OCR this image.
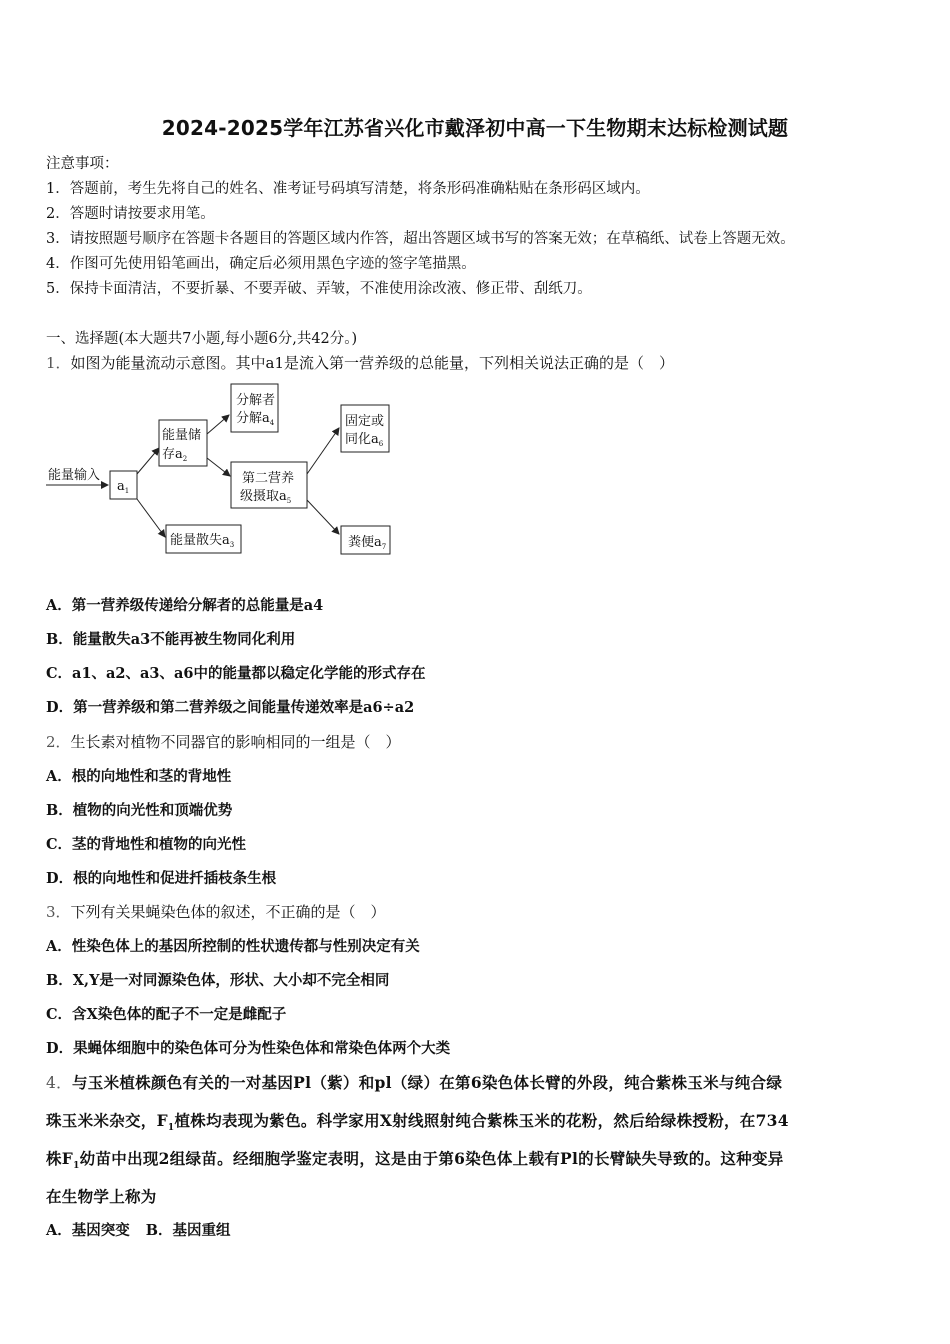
2024-2025学年江苏省兴化市戴泽初中高一下生物期末达标检测试题
注意事项：
1．答题前，考生先将自己的姓名、准考证号码填写清楚，将条形码准确粘贴在条形码区域内。
2．答题时请按要求用笔。
3．请按照题号顺序在答题卡各题目的答题区域内作答，超出答题区域书写的答案无效；在草稿纸、试卷上答题无效。
4．作图可先使用铅笔画出，确定后必须用黑色字迹的签字笔描黑。
5．保持卡面清洁，不要折暴、不要弄破、弄皱，不准使用涂改液、修正带、刮纸刀。
一、选择题(本大题共7小题,每小题6分,共42分。)
1．如图为能量流动示意图。其中a1是流入第一营养级的总能量，下列相关说法正确的是（　）
能量输入
$a_1$
能量储
存$a_2$
分解者
分解$a_4$
第二营养
级摄取$a_5$
固定或
同化$a_6$
能量散失$a_3$	粪便$a_7$
A．第一营养级传递给分解者的总能量是a4
B．能量散失a3不能再被生物同化利用
C．a1、a2、a3、a6中的能量都以稳定化学能的形式存在
D．第一营养级和第二营养级之间能量传递效率是a6÷a2
2．生长素对植物不同器官的影响相同的一组是（　）
A．根的向地性和茎的背地性
B．植物的向光性和顶端优势
C．茎的背地性和植物的向光性
D．根的向地性和促进扦插枝条生根
3．下列有关果蝇染色体的叙述，不正确的是（　）
A．性染色体上的基因所控制的性状遗传都与性别决定有关
B．X,Y是一对同源染色体，形状、大小却不完全相同
C．含X染色体的配子不一定是雌配子
D．果蝇体细胞中的染色体可分为性染色体和常染色体两个大类
4．与玉米植株颜色有关的一对基因Pl（紫）和pl（绿）在第6染色体长臂的外段，纯合紫株玉米与纯合绿
珠玉米米杂交，$F_1$植株均表现为紫色。科学家用X射线照射纯合紫株玉米的花粉，然后给绿株授粉，在734
株$F_1$幼苗中出现2组绿苗。经细胞学鉴定表明，这是由于第6染色体上载有Pl的长臂缺失导致的。这种变异
在生物学上称为
A．基因突变 B．基因重组
